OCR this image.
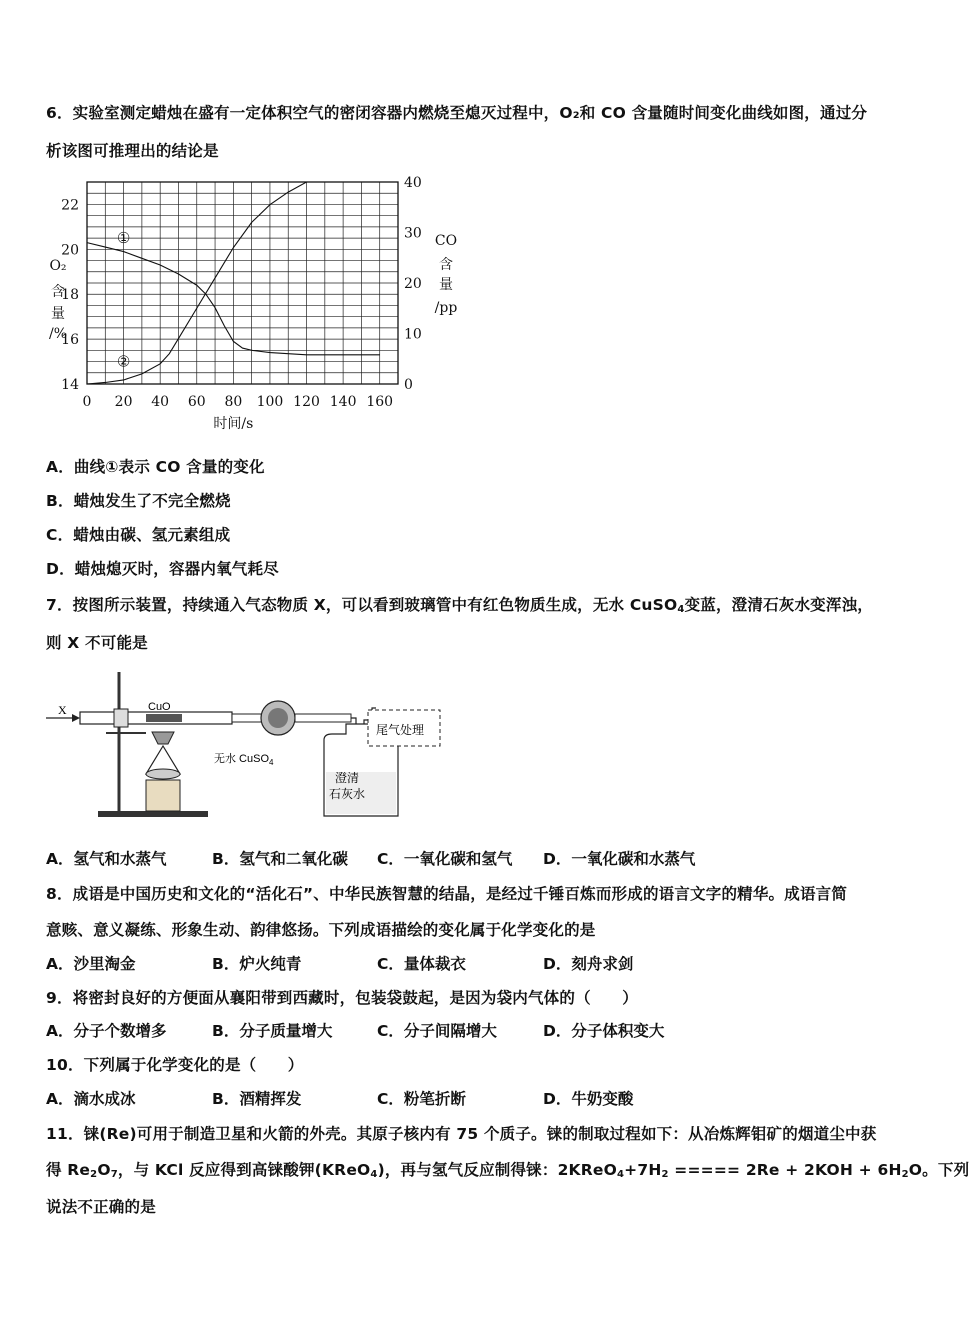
6．实验室测定蜡烛在盛有一定体积空气的密闭容器内燃烧至熄灭过程中，O₂和 CO 含量随时间变化曲线如图，通过分
析该图可推理出的结论是
0 20 40 60 80 100 120 140 160
14
16
18
20
22
0
10
20
30
40
①
②
时间/s
O₂
含
量
/%
CO
含
量
/pp
A．曲线①表示 CO 含量的变化
B．蜡烛发生了不完全燃烧
C．蜡烛由碳、氢元素组成
D．蜡烛熄灭时，容器内氧气耗尽
7．按图所示装置，持续通入气态物质 X，可以看到玻璃管中有红色物质生成，无水 CuSO$_4$变蓝，澄清石灰水变浑浊，
则 X 不可能是
X	CuO
无水 CuSO$_4$
澄清
石灰水
尾气处理
A．氢气和水蒸气	B．氢气和二氧化碳 C．一氧化碳和氢气 D．一氧化碳和水蒸气
8．成语是中国历史和文化的“活化石”、中华民族智慧的结晶，是经过千锤百炼而形成的语言文字的精华。成语言简
意赅、意义凝练、形象生动、韵律悠扬。下列成语描绘的变化属于化学变化的是
A．沙里淘金	B．炉火纯青	C．量体裁衣	D．刻舟求剑
9．将密封良好的方便面从襄阳带到西藏时，包装袋鼓起，是因为袋内气体的（　　）
A．分子个数增多	B．分子质量增大	C．分子间隔增大	D．分子体积变大
10．下列属于化学变化的是（　　）
A．滴水成冰	B．酒精挥发	C．粉笔折断	D．牛奶变酸
11．铼(Re)可用于制造卫星和火箭的外壳。其原子核内有 75 个质子。铼的制取过程如下：从冶炼辉钼矿的烟道尘中获
得 $Re_2O_7$，与 KCl 反应得到高铼酸钾(KReO$_4$)，再与氢气反应制得铼：$2KReO_4+7H_2$ ===== $2Re + 2KOH + 6H_2O$。下列
说法不正确的是
